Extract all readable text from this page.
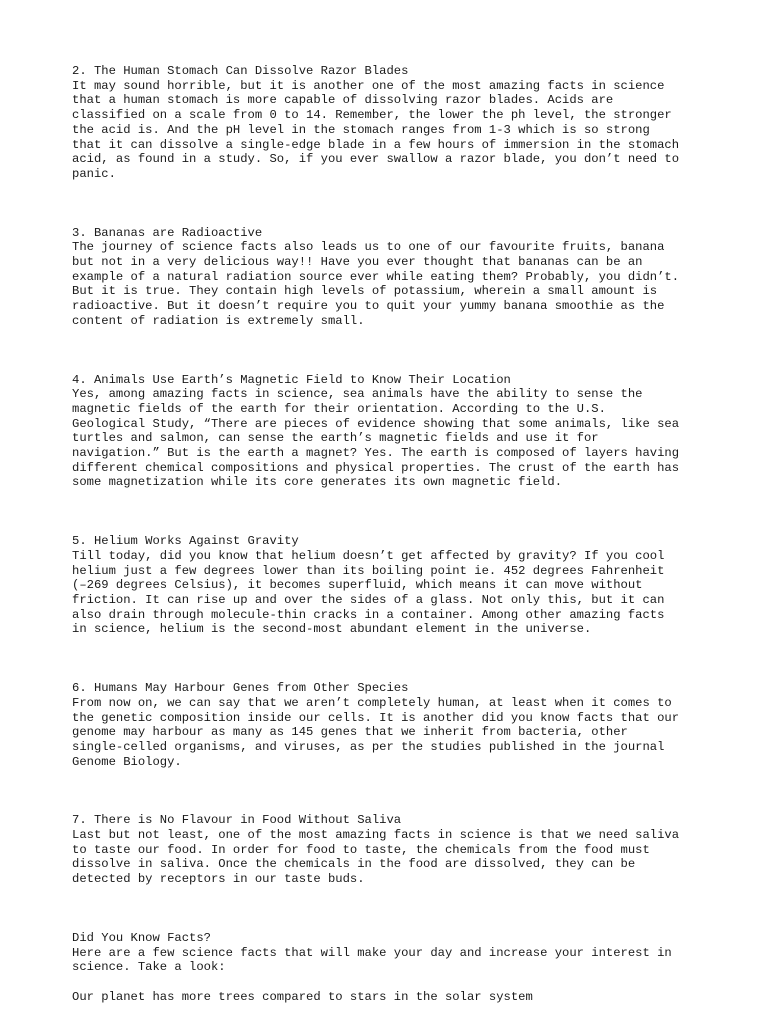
2. The Human Stomach Can Dissolve Razor Blades
It may sound horrible, but it is another one of the most amazing facts in science
that a human stomach is more capable of dissolving razor blades. Acids are
classified on a scale from 0 to 14. Remember, the lower the ph level, the stronger
the acid is. And the pH level in the stomach ranges from 1-3 which is so strong
that it can dissolve a single-edge blade in a few hours of immersion in the stomach
acid, as found in a study. So, if you ever swallow a razor blade, you don’t need to
panic.
3. Bananas are Radioactive
The journey of science facts also leads us to one of our favourite fruits, banana
but not in a very delicious way!! Have you ever thought that bananas can be an
example of a natural radiation source ever while eating them? Probably, you didn’t.
But it is true. They contain high levels of potassium, wherein a small amount is
radioactive. But it doesn’t require you to quit your yummy banana smoothie as the
content of radiation is extremely small.
4. Animals Use Earth’s Magnetic Field to Know Their Location
Yes, among amazing facts in science, sea animals have the ability to sense the
magnetic fields of the earth for their orientation. According to the U.S.
Geological Study, “There are pieces of evidence showing that some animals, like sea
turtles and salmon, can sense the earth’s magnetic fields and use it for
navigation.” But is the earth a magnet? Yes. The earth is composed of layers having
different chemical compositions and physical properties. The crust of the earth has
some magnetization while its core generates its own magnetic field.
5. Helium Works Against Gravity
Till today, did you know that helium doesn’t get affected by gravity? If you cool
helium just a few degrees lower than its boiling point ie. 452 degrees Fahrenheit
(–269 degrees Celsius), it becomes superfluid, which means it can move without
friction. It can rise up and over the sides of a glass. Not only this, but it can
also drain through molecule-thin cracks in a container. Among other amazing facts
in science, helium is the second-most abundant element in the universe.
6. Humans May Harbour Genes from Other Species
From now on, we can say that we aren’t completely human, at least when it comes to
the genetic composition inside our cells. It is another did you know facts that our
genome may harbour as many as 145 genes that we inherit from bacteria, other
single-celled organisms, and viruses, as per the studies published in the journal
Genome Biology.
7. There is No Flavour in Food Without Saliva
Last but not least, one of the most amazing facts in science is that we need saliva
to taste our food. In order for food to taste, the chemicals from the food must
dissolve in saliva. Once the chemicals in the food are dissolved, they can be
detected by receptors in our taste buds.
Did You Know Facts?
Here are a few science facts that will make your day and increase your interest in
science. Take a look:
Our planet has more trees compared to stars in the solar system
